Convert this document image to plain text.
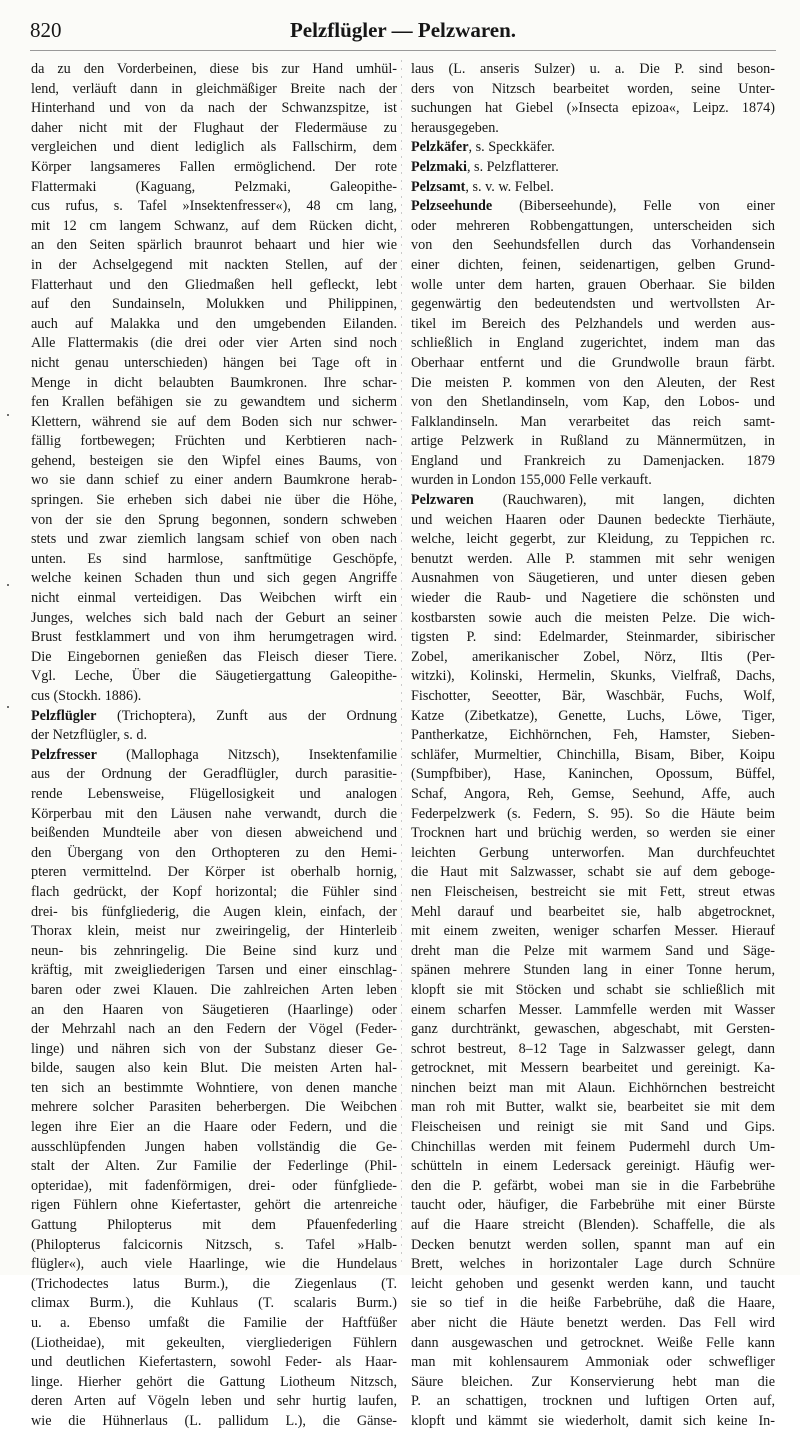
820	Pelzflügler — Pelzwaren.
da zu den Vorderbeinen, diese bis zur Hand umhül-
lend, verläuft dann in gleichmäßiger Breite nach der
Hinterhand und von da nach der Schwanzspitze, ist
daher nicht mit der Flughaut der Fledermäuse zu
vergleichen und dient lediglich als Fallschirm, dem
Körper langsameres Fallen ermöglichend. Der rote
Flattermaki (Kaguang, Pelzmaki, Galeopithe-
cus rufus, s. Tafel »Insektenfresser«), 48 cm lang,
mit 12 cm langem Schwanz, auf dem Rücken dicht,
an den Seiten spärlich braunrot behaart und hier wie
in der Achselgegend mit nackten Stellen, auf der
Flatterhaut und den Gliedmaßen hell gefleckt, lebt
auf den Sundainseln, Molukken und Philippinen,
auch auf Malakka und den umgebenden Eilanden.
Alle Flattermakis (die drei oder vier Arten sind noch
nicht genau unterschieden) hängen bei Tage oft in
Menge in dicht belaubten Baumkronen. Ihre schar-
fen Krallen befähigen sie zu gewandtem und sicherm
Klettern, während sie auf dem Boden sich nur schwer-
fällig fortbewegen; Früchten und Kerbtieren nach-
gehend, besteigen sie den Wipfel eines Baums, von
wo sie dann schief zu einer andern Baumkrone herab-
springen. Sie erheben sich dabei nie über die Höhe,
von der sie den Sprung begonnen, sondern schweben
stets und zwar ziemlich langsam schief von oben nach
unten. Es sind harmlose, sanftmütige Geschöpfe,
welche keinen Schaden thun und sich gegen Angriffe
nicht einmal verteidigen. Das Weibchen wirft ein
Junges, welches sich bald nach der Geburt an seiner
Brust festklammert und von ihm herumgetragen wird.
Die Eingebornen genießen das Fleisch dieser Tiere.
Vgl. Leche, Über die Säugetiergattung Galeopithe-
cus (Stockh. 1886).
Pelzflügler (Trichoptera), Zunft aus der Ordnung
der Netzflügler, s. d.
Pelzfresser (Mallophaga Nitzsch), Insektenfamilie
aus der Ordnung der Geradflügler, durch parasitie-
rende Lebensweise, Flügellosigkeit und analogen
Körperbau mit den Läusen nahe verwandt, durch die
beißenden Mundteile aber von diesen abweichend und
den Übergang von den Orthopteren zu den Hemi-
pteren vermittelnd. Der Körper ist oberhalb hornig,
flach gedrückt, der Kopf horizontal; die Fühler sind
drei- bis fünfgliederig, die Augen klein, einfach, der
Thorax klein, meist nur zweiringelig, der Hinterleib
neun- bis zehnringelig. Die Beine sind kurz und
kräftig, mit zweigliederigen Tarsen und einer einschlag-
baren oder zwei Klauen. Die zahlreichen Arten leben
an den Haaren von Säugetieren (Haarlinge) oder
der Mehrzahl nach an den Federn der Vögel (Feder-
linge) und nähren sich von der Substanz dieser Ge-
bilde, saugen also kein Blut. Die meisten Arten hal-
ten sich an bestimmte Wohntiere, von denen manche
mehrere solcher Parasiten beherbergen. Die Weibchen
legen ihre Eier an die Haare oder Federn, und die
ausschlüpfenden Jungen haben vollständig die Ge-
stalt der Alten. Zur Familie der Federlinge (Phil-
opteridae), mit fadenförmigen, drei- oder fünfgliede-
rigen Fühlern ohne Kiefertaster, gehört die artenreiche
Gattung Philopterus mit dem Pfauenfederling
(Philopterus falcicornis Nitzsch, s. Tafel »Halb-
flügler«), auch viele Haarlinge, wie die Hundelaus
(Trichodectes latus Burm.), die Ziegenlaus (T.
climax Burm.), die Kuhlaus (T. scalaris Burm.)
u. a. Ebenso umfaßt die Familie der Haftfüßer
(Liotheidae), mit gekeulten, viergliederigen Fühlern
und deutlichen Kiefertastern, sowohl Feder- als Haar-
linge. Hierher gehört die Gattung Liotheum Nitzsch,
deren Arten auf Vögeln leben und sehr hurtig laufen,
wie die Hühnerlaus (L. pallidum L.), die Gänse-
laus (L. anseris Sulzer) u. a. Die P. sind beson-
ders von Nitzsch bearbeitet worden, seine Unter-
suchungen hat Giebel (»Insecta epizoa«, Leipz. 1874)
herausgegeben.
Pelzkäfer, s. Speckkäfer.
Pelzmaki, s. Pelzflatterer.
Pelzsamt, s. v. w. Felbel.
Pelzseehunde (Biberseehunde), Felle von einer
oder mehreren Robbengattungen, unterscheiden sich
von den Seehundsfellen durch das Vorhandensein
einer dichten, feinen, seidenartigen, gelben Grund-
wolle unter dem harten, grauen Oberhaar. Sie bilden
gegenwärtig den bedeutendsten und wertvollsten Ar-
tikel im Bereich des Pelzhandels und werden aus-
schließlich in England zugerichtet, indem man das
Oberhaar entfernt und die Grundwolle braun färbt.
Die meisten P. kommen von den Aleuten, der Rest
von den Shetlandinseln, vom Kap, den Lobos- und
Falklandinseln. Man verarbeitet das reich samt-
artige Pelzwerk in Rußland zu Männermützen, in
England und Frankreich zu Damenjacken. 1879
wurden in London 155,000 Felle verkauft.
Pelzwaren (Rauchwaren), mit langen, dichten
und weichen Haaren oder Daunen bedeckte Tierhäute,
welche, leicht gegerbt, zur Kleidung, zu Teppichen rc.
benutzt werden. Alle P. stammen mit sehr wenigen
Ausnahmen von Säugetieren, und unter diesen geben
wieder die Raub- und Nagetiere die schönsten und
kostbarsten sowie auch die meisten Pelze. Die wich-
tigsten P. sind: Edelmarder, Steinmarder, sibirischer
Zobel, amerikanischer Zobel, Nörz, Iltis (Per-
witzki), Kolinski, Hermelin, Skunks, Vielfraß, Dachs,
Fischotter, Seeotter, Bär, Waschbär, Fuchs, Wolf,
Katze (Zibetkatze), Genette, Luchs, Löwe, Tiger,
Pantherkatze, Eichhörnchen, Feh, Hamster, Sieben-
schläfer, Murmeltier, Chinchilla, Bisam, Biber, Koipu
(Sumpfbiber), Hase, Kaninchen, Opossum, Büffel,
Schaf, Angora, Reh, Gemse, Seehund, Affe, auch
Federpelzwerk (s. Federn, S. 95). So die Häute beim
Trocknen hart und brüchig werden, so werden sie einer
leichten Gerbung unterworfen. Man durchfeuchtet
die Haut mit Salzwasser, schabt sie auf dem geboge-
nen Fleischeisen, bestreicht sie mit Fett, streut etwas
Mehl darauf und bearbeitet sie, halb abgetrocknet,
mit einem zweiten, weniger scharfen Messer. Hierauf
dreht man die Pelze mit warmem Sand und Säge-
spänen mehrere Stunden lang in einer Tonne herum,
klopft sie mit Stöcken und schabt sie schließlich mit
einem scharfen Messer. Lammfelle werden mit Wasser
ganz durchtränkt, gewaschen, abgeschabt, mit Gersten-
schrot bestreut, 8–12 Tage in Salzwasser gelegt, dann
getrocknet, mit Messern bearbeitet und gereinigt. Ka-
ninchen beizt man mit Alaun. Eichhörnchen bestreicht
man roh mit Butter, walkt sie, bearbeitet sie mit dem
Fleischeisen und reinigt sie mit Sand und Gips.
Chinchillas werden mit feinem Pudermehl durch Um-
schütteln in einem Ledersack gereinigt. Häufig wer-
den die P. gefärbt, wobei man sie in die Farbebrühe
taucht oder, häufiger, die Farbebrühe mit einer Bürste
auf die Haare streicht (Blenden). Schaffelle, die als
Decken benutzt werden sollen, spannt man auf ein
Brett, welches in horizontaler Lage durch Schnüre
leicht gehoben und gesenkt werden kann, und taucht
sie so tief in die heiße Farbebrühe, daß die Haare,
aber nicht die Häute benetzt werden. Das Fell wird
dann ausgewaschen und getrocknet. Weiße Felle kann
man mit kohlensaurem Ammoniak oder schwefliger
Säure bleichen. Zur Konservierung hebt man die
P. an schattigen, trocknen und luftigen Orten auf,
klopft und kämmt sie wiederholt, damit sich keine In-
